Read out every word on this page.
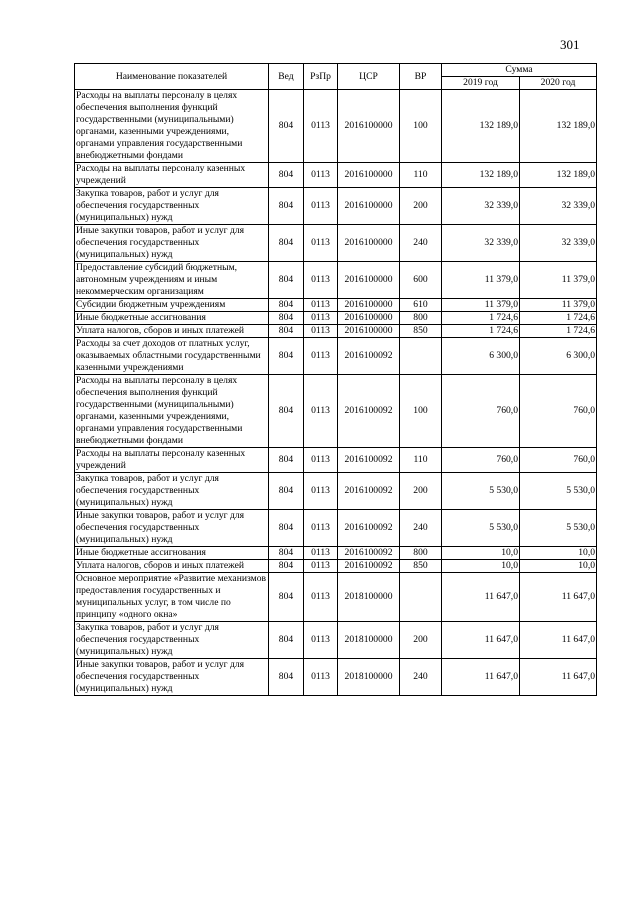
301
Наименование показателей	Вед	РзПр	ЦСР	ВР	Сумма	
					2019 год	2020 год
Расходы на выплаты персоналу в целях обеспечения выполнения функций государственными (муниципальными) органами, казенными учреждениями, органами управления государственными внебюджетными фондами	804	0113	2016100000	100	132 189,0	132 189,0
Расходы на выплаты персоналу казенных учреждений	804	0113	2016100000	110	132 189,0	132 189,0
Закупка товаров, работ и услуг для обеспечения государственных (муниципальных) нужд	804	0113	2016100000	200	32 339,0	32 339,0
Иные закупки товаров, работ и услуг для обеспечения государственных (муниципальных) нужд	804	0113	2016100000	240	32 339,0	32 339,0
Предоставление субсидий бюджетным, автономным учреждениям и иным некоммерческим организациям	804	0113	2016100000	600	11 379,0	11 379,0
Субсидии бюджетным учреждениям	804	0113	2016100000	610	11 379,0	11 379,0
Иные бюджетные ассигнования	804	0113	2016100000	800	1 724,6	1 724,6
Уплата налогов, сборов и иных платежей	804	0113	2016100000	850	1 724,6	1 724,6
Расходы за счет доходов от платных услуг, оказываемых областными государственными казенными учреждениями	804	0113	2016100092		6 300,0	6 300,0
Расходы на выплаты персоналу в целях обеспечения выполнения функций государственными (муниципальными) органами, казенными учреждениями, органами управления государственными внебюджетными фондами	804	0113	2016100092	100	760,0	760,0
Расходы на выплаты персоналу казенных учреждений	804	0113	2016100092	110	760,0	760,0
Закупка товаров, работ и услуг для обеспечения государственных (муниципальных) нужд	804	0113	2016100092	200	5 530,0	5 530,0
Иные закупки товаров, работ и услуг для обеспечения государственных (муниципальных) нужд	804	0113	2016100092	240	5 530,0	5 530,0
Иные бюджетные ассигнования	804	0113	2016100092	800	10,0	10,0
Уплата налогов, сборов и иных платежей	804	0113	2016100092	850	10,0	10,0
Основное мероприятие «Развитие механизмов предоставления государственных и муниципальных услуг, в том числе по принципу «одного окна»	804	0113	2018100000		11 647,0	11 647,0
Закупка товаров, работ и услуг для обеспечения государственных (муниципальных) нужд	804	0113	2018100000	200	11 647,0	11 647,0
Иные закупки товаров, работ и услуг для обеспечения государственных (муниципальных) нужд	804	0113	2018100000	240	11 647,0	11 647,0
